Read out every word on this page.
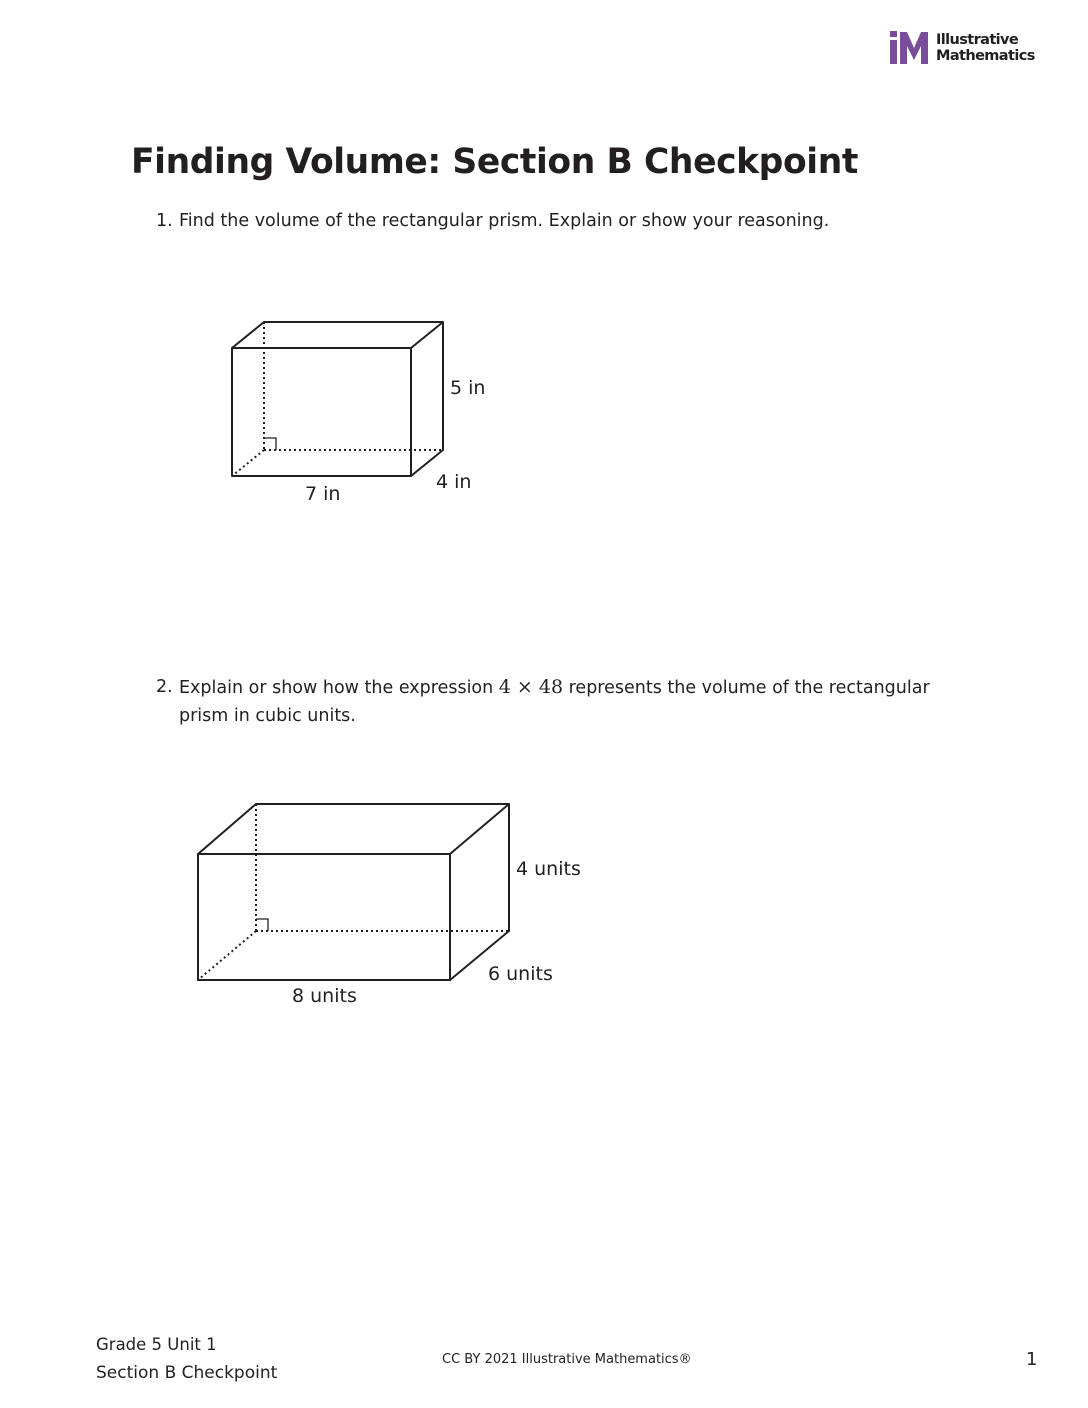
Illustrative
Mathematics
Finding Volume: Section B Checkpoint
1. Find the volume of the rectangular prism. Explain or show your reasoning.
5 in
4 in
7 in
2. Explain or show how the expression 4 × 48 represents the volume of the rectangular prism in cubic units.
4 units
6 units
8 units
Grade 5 Unit 1
Section B Checkpoint
CC BY 2021 Illustrative Mathematics®	1
